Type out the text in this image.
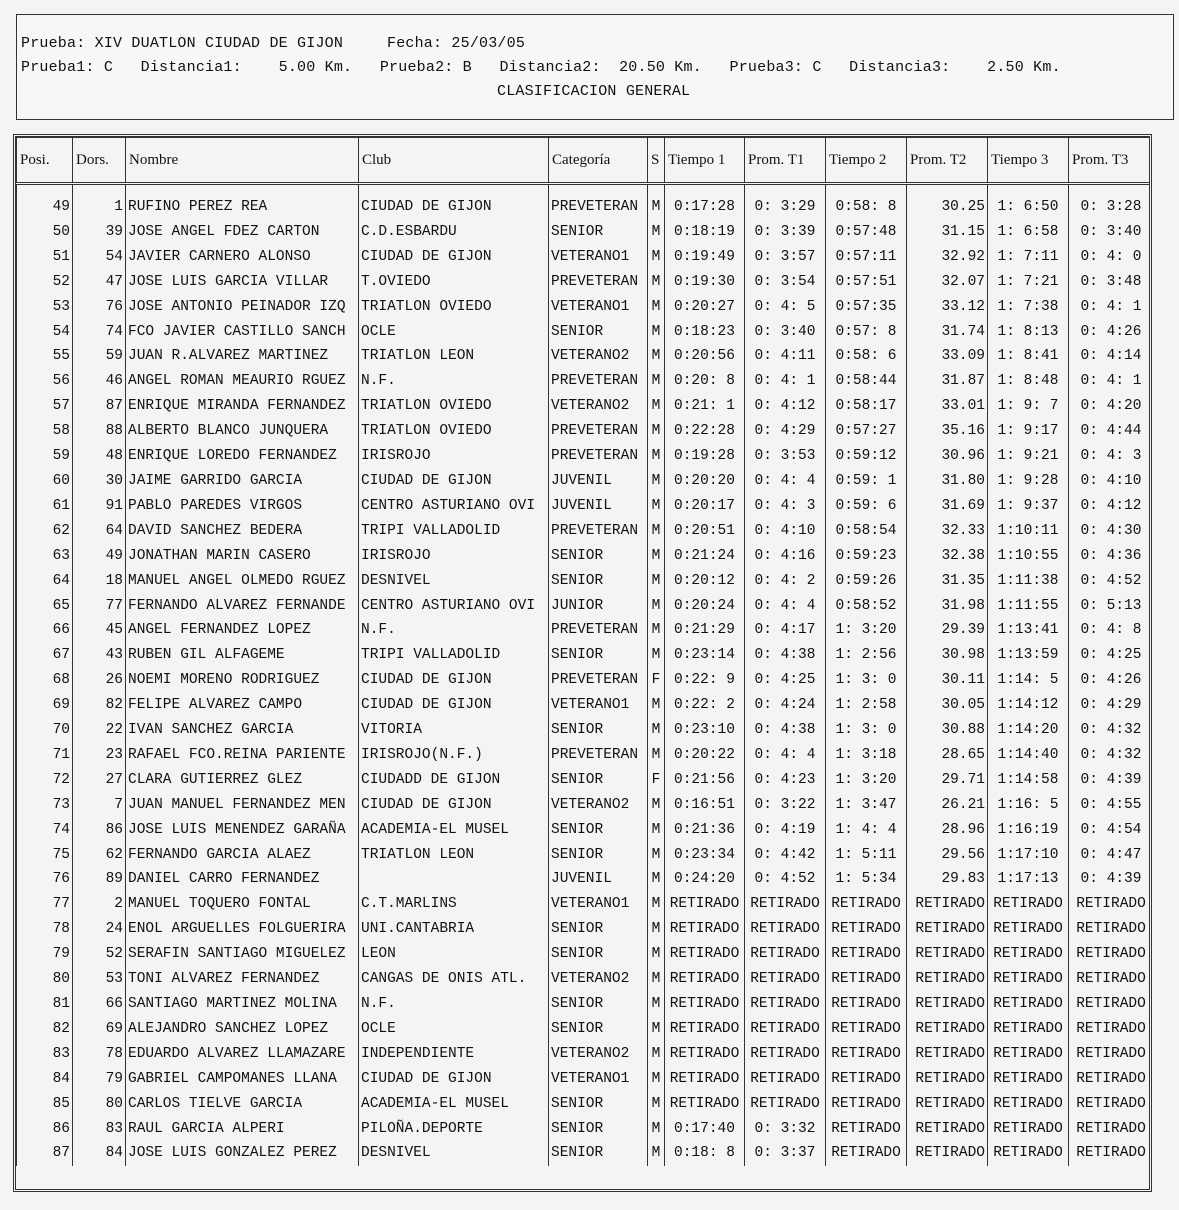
Prueba: XIV DUATLON CIUDAD DE GIJON	Fecha: 25/03/05
Prueba1: C   Distancia1:    5.00 Km.   Prueba2: B   Distancia2:  20.50 Km.   Prueba3: C   Distancia3:    2.50 Km.
CLASIFICACION GENERAL
Posi.	Dors.	Nombre	Club	Categoría	S	Tiempo 1	Prom. T1	Tiempo 2	Prom. T2	Tiempo 3	Prom. T3
49	1	RUFINO PEREZ REA	CIUDAD DE GIJON	PREVETERAN	M	0:17:28	0: 3:29	0:58: 8	30.25	1: 6:50	0: 3:28
50	39	JOSE ANGEL FDEZ CARTON	C.D.ESBARDU	SENIOR	M	0:18:19	0: 3:39	0:57:48	31.15	1: 6:58	0: 3:40
51	54	JAVIER CARNERO ALONSO	CIUDAD DE GIJON	VETERANO1	M	0:19:49	0: 3:57	0:57:11	32.92	1: 7:11	0: 4: 0
52	47	JOSE LUIS GARCIA VILLAR	T.OVIEDO	PREVETERAN	M	0:19:30	0: 3:54	0:57:51	32.07	1: 7:21	0: 3:48
53	76	JOSE ANTONIO PEINADOR IZQ	TRIATLON OVIEDO	VETERANO1	M	0:20:27	0: 4: 5	0:57:35	33.12	1: 7:38	0: 4: 1
54	74	FCO JAVIER CASTILLO SANCH	OCLE	SENIOR	M	0:18:23	0: 3:40	0:57: 8	31.74	1: 8:13	0: 4:26
55	59	JUAN R.ALVAREZ MARTINEZ	TRIATLON LEON	VETERANO2	M	0:20:56	0: 4:11	0:58: 6	33.09	1: 8:41	0: 4:14
56	46	ANGEL ROMAN MEAURIO RGUEZ	N.F.	PREVETERAN	M	0:20: 8	0: 4: 1	0:58:44	31.87	1: 8:48	0: 4: 1
57	87	ENRIQUE MIRANDA FERNANDEZ	TRIATLON OVIEDO	VETERANO2	M	0:21: 1	0: 4:12	0:58:17	33.01	1: 9: 7	0: 4:20
58	88	ALBERTO BLANCO JUNQUERA	TRIATLON OVIEDO	PREVETERAN	M	0:22:28	0: 4:29	0:57:27	35.16	1: 9:17	0: 4:44
59	48	ENRIQUE LOREDO FERNANDEZ	IRISROJO	PREVETERAN	M	0:19:28	0: 3:53	0:59:12	30.96	1: 9:21	0: 4: 3
60	30	JAIME GARRIDO GARCIA	CIUDAD DE GIJON	JUVENIL	M	0:20:20	0: 4: 4	0:59: 1	31.80	1: 9:28	0: 4:10
61	91	PABLO PAREDES VIRGOS	CENTRO ASTURIANO OVI	JUVENIL	M	0:20:17	0: 4: 3	0:59: 6	31.69	1: 9:37	0: 4:12
62	64	DAVID SANCHEZ BEDERA	TRIPI VALLADOLID	PREVETERAN	M	0:20:51	0: 4:10	0:58:54	32.33	1:10:11	0: 4:30
63	49	JONATHAN MARIN CASERO	IRISROJO	SENIOR	M	0:21:24	0: 4:16	0:59:23	32.38	1:10:55	0: 4:36
64	18	MANUEL ANGEL OLMEDO RGUEZ	DESNIVEL	SENIOR	M	0:20:12	0: 4: 2	0:59:26	31.35	1:11:38	0: 4:52
65	77	FERNANDO ALVAREZ FERNANDE	CENTRO ASTURIANO OVI	JUNIOR	M	0:20:24	0: 4: 4	0:58:52	31.98	1:11:55	0: 5:13
66	45	ANGEL FERNANDEZ LOPEZ	N.F.	PREVETERAN	M	0:21:29	0: 4:17	1: 3:20	29.39	1:13:41	0: 4: 8
67	43	RUBEN GIL ALFAGEME	TRIPI VALLADOLID	SENIOR	M	0:23:14	0: 4:38	1: 2:56	30.98	1:13:59	0: 4:25
68	26	NOEMI MORENO RODRIGUEZ	CIUDAD DE GIJON	PREVETERAN	F	0:22: 9	0: 4:25	1: 3: 0	30.11	1:14: 5	0: 4:26
69	82	FELIPE ALVAREZ CAMPO	CIUDAD DE GIJON	VETERANO1	M	0:22: 2	0: 4:24	1: 2:58	30.05	1:14:12	0: 4:29
70	22	IVAN SANCHEZ GARCIA	VITORIA	SENIOR	M	0:23:10	0: 4:38	1: 3: 0	30.88	1:14:20	0: 4:32
71	23	RAFAEL FCO.REINA PARIENTE	IRISROJO(N.F.)	PREVETERAN	M	0:20:22	0: 4: 4	1: 3:18	28.65	1:14:40	0: 4:32
72	27	CLARA GUTIERREZ GLEZ	CIUDADD DE GIJON	SENIOR	F	0:21:56	0: 4:23	1: 3:20	29.71	1:14:58	0: 4:39
73	7	JUAN MANUEL FERNANDEZ MEN	CIUDAD DE GIJON	VETERANO2	M	0:16:51	0: 3:22	1: 3:47	26.21	1:16: 5	0: 4:55
74	86	JOSE LUIS MENENDEZ GARAÑA	ACADEMIA-EL MUSEL	SENIOR	M	0:21:36	0: 4:19	1: 4: 4	28.96	1:16:19	0: 4:54
75	62	FERNANDO GARCIA ALAEZ	TRIATLON LEON	SENIOR	M	0:23:34	0: 4:42	1: 5:11	29.56	1:17:10	0: 4:47
76	89	DANIEL CARRO FERNANDEZ		JUVENIL	M	0:24:20	0: 4:52	1: 5:34	29.83	1:17:13	0: 4:39
77	2	MANUEL TOQUERO FONTAL	C.T.MARLINS	VETERANO1	M	RETIRADO	RETIRADO	RETIRADO	RETIRADO	RETIRADO	RETIRADO
78	24	ENOL ARGUELLES FOLGUERIRA	UNI.CANTABRIA	SENIOR	M	RETIRADO	RETIRADO	RETIRADO	RETIRADO	RETIRADO	RETIRADO
79	52	SERAFIN SANTIAGO MIGUELEZ	LEON	SENIOR	M	RETIRADO	RETIRADO	RETIRADO	RETIRADO	RETIRADO	RETIRADO
80	53	TONI ALVAREZ FERNANDEZ	CANGAS DE ONIS ATL.	VETERANO2	M	RETIRADO	RETIRADO	RETIRADO	RETIRADO	RETIRADO	RETIRADO
81	66	SANTIAGO MARTINEZ MOLINA	N.F.	SENIOR	M	RETIRADO	RETIRADO	RETIRADO	RETIRADO	RETIRADO	RETIRADO
82	69	ALEJANDRO SANCHEZ LOPEZ	OCLE	SENIOR	M	RETIRADO	RETIRADO	RETIRADO	RETIRADO	RETIRADO	RETIRADO
83	78	EDUARDO ALVAREZ LLAMAZARE	INDEPENDIENTE	VETERANO2	M	RETIRADO	RETIRADO	RETIRADO	RETIRADO	RETIRADO	RETIRADO
84	79	GABRIEL CAMPOMANES LLANA	CIUDAD DE GIJON	VETERANO1	M	RETIRADO	RETIRADO	RETIRADO	RETIRADO	RETIRADO	RETIRADO
85	80	CARLOS TIELVE GARCIA	ACADEMIA-EL MUSEL	SENIOR	M	RETIRADO	RETIRADO	RETIRADO	RETIRADO	RETIRADO	RETIRADO
86	83	RAUL GARCIA ALPERI	PILOÑA.DEPORTE	SENIOR	M	0:17:40	0: 3:32	RETIRADO	RETIRADO	RETIRADO	RETIRADO
87	84	JOSE LUIS GONZALEZ PEREZ	DESNIVEL	SENIOR	M	0:18: 8	0: 3:37	RETIRADO	RETIRADO	RETIRADO	RETIRADO
